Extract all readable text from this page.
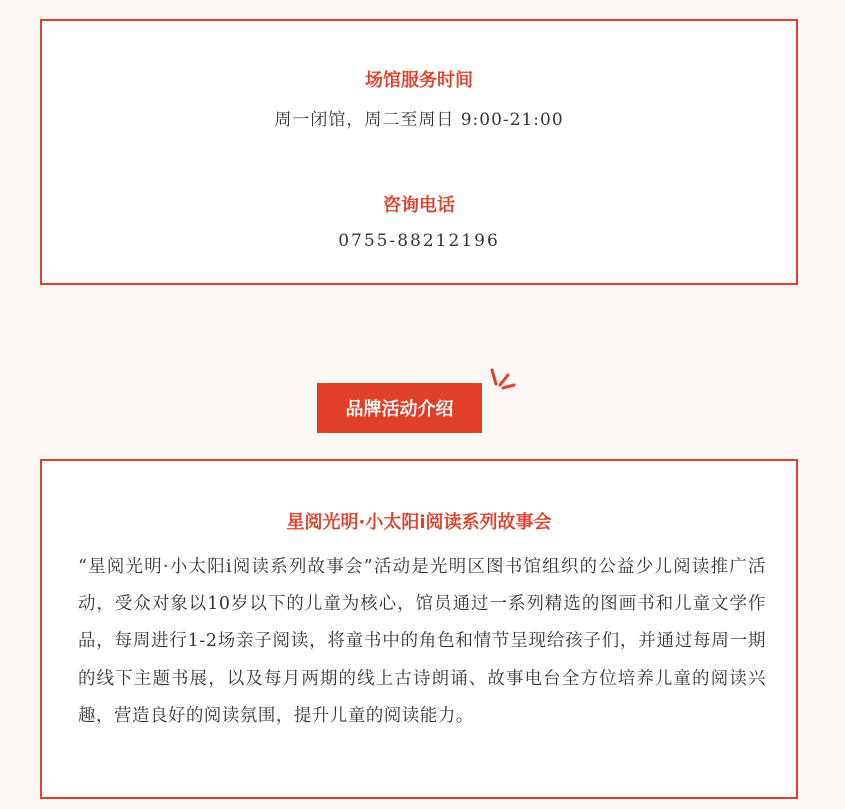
场馆服务时间
周一闭馆，周二至周日 9:00-21:00
咨询电话
0755-88212196
品牌活动介绍
星阅光明·小太阳i阅读系列故事会
“星阅光明·小太阳i阅读系列故事会”活动是光明区图书馆组织的公益少儿阅读推广活动，受众对象以10岁以下的儿童为核心，馆员通过一系列精选的图画书和儿童文学作品，每周进行1-2场亲子阅读，将童书中的角色和情节呈现给孩子们，并通过每周一期的线下主题书展，以及每月两期的线上古诗朗诵、故事电台全方位培养儿童的阅读兴趣，营造良好的阅读氛围，提升儿童的阅读能力。
